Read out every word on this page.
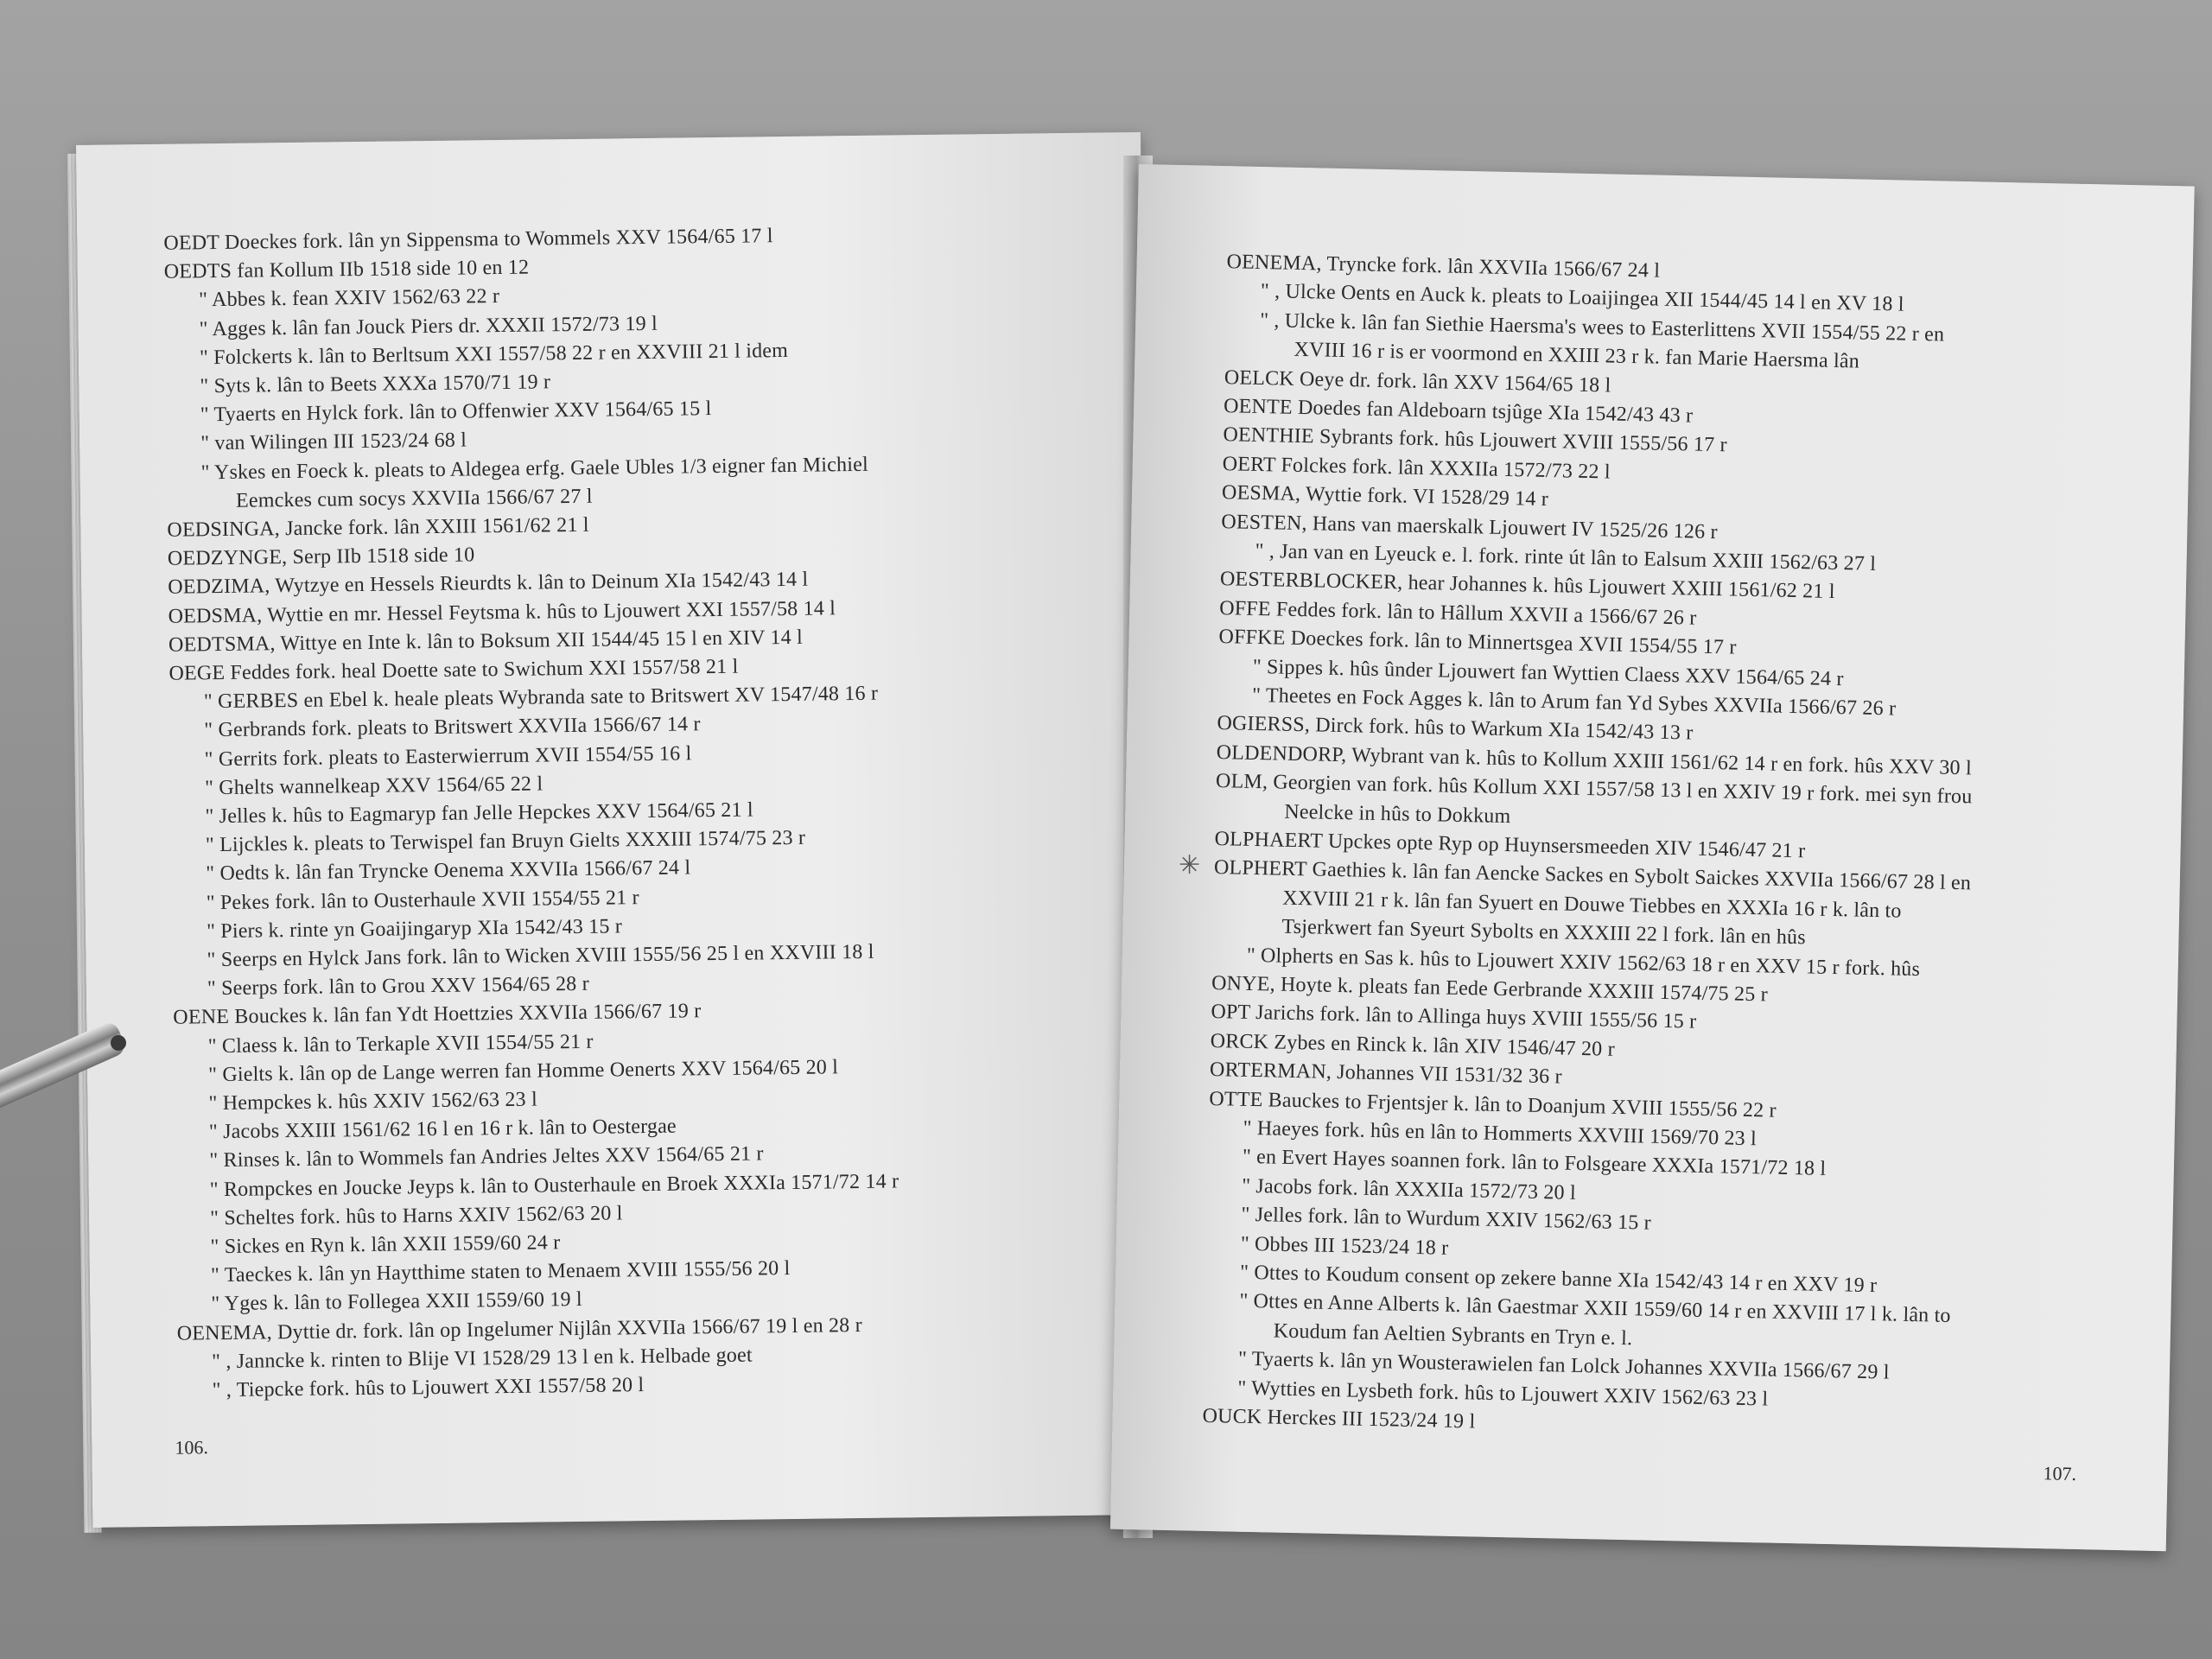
OEDT Doeckes fork. lân yn Sippensma to Wommels XXV 1564/65 17 l
OEDTS fan Kollum IIb 1518 side 10 en 12
" Abbes k. fean XXIV 1562/63 22 r
" Agges k. lân fan Jouck Piers dr. XXXII 1572/73 19 l
" Folckerts k. lân to Berltsum XXI 1557/58 22 r en XXVIII 21 l idem
" Syts k. lân to Beets XXXa 1570/71 19 r
" Tyaerts en Hylck fork. lân to Offenwier XXV 1564/65 15 l
" van Wilingen III 1523/24 68 l
" Yskes en Foeck k. pleats to Aldegea erfg. Gaele Ubles 1/3 eigner fan Michiel
Eemckes cum socys XXVIIa 1566/67 27 l
OEDSINGA, Jancke fork. lân XXIII 1561/62 21 l
OEDZYNGE, Serp IIb 1518 side 10
OEDZIMA, Wytzye en Hessels Rieurdts k. lân to Deinum XIa 1542/43 14 l
OEDSMA, Wyttie en mr. Hessel Feytsma k. hûs to Ljouwert XXI 1557/58 14 l
OEDTSMA, Wittye en Inte k. lân to Boksum XII 1544/45 15 l en XIV 14 l
OEGE Feddes fork. heal Doette sate to Swichum XXI 1557/58 21 l
" GERBES en Ebel k. heale pleats Wybranda sate to Britswert XV 1547/48 16 r
" Gerbrands fork. pleats to Britswert XXVIIa 1566/67 14 r
" Gerrits fork. pleats to Easterwierrum XVII 1554/55 16 l
" Ghelts wannelkeap XXV 1564/65 22 l
" Jelles k. hûs to Eagmaryp fan Jelle Hepckes XXV 1564/65 21 l
" Lijckles k. pleats to Terwispel fan Bruyn Gielts XXXIII 1574/75 23 r
" Oedts k. lân fan Tryncke Oenema XXVIIa 1566/67 24 l
" Pekes fork. lân to Ousterhaule XVII 1554/55 21 r
" Piers k. rinte yn Goaijingaryp XIa 1542/43 15 r
" Seerps en Hylck Jans fork. lân to Wicken XVIII 1555/56 25 l en XXVIII 18 l
" Seerps fork. lân to Grou XXV 1564/65 28 r
OENE Bouckes k. lân fan Ydt Hoettzies XXVIIa 1566/67 19 r
" Claess k. lân to Terkaple XVII 1554/55 21 r
" Gielts k. lân op de Lange werren fan Homme Oenerts XXV 1564/65 20 l
" Hempckes k. hûs XXIV 1562/63 23 l
" Jacobs XXIII 1561/62 16 l en 16 r k. lân to Oestergae
" Rinses k. lân to Wommels fan Andries Jeltes XXV 1564/65 21 r
" Rompckes en Joucke Jeyps k. lân to Ousterhaule en Broek XXXIa 1571/72 14 r
" Scheltes fork. hûs to Harns XXIV 1562/63 20 l
" Sickes en Ryn k. lân XXII 1559/60 24 r
" Taeckes k. lân yn Haytthime staten to Menaem XVIII 1555/56 20 l
" Yges k. lân to Follegea XXII 1559/60 19 l
OENEMA, Dyttie dr. fork. lân op Ingelumer Nijlân XXVIIa 1566/67 19 l en 28 r
" , Janncke k. rinten to Blije VI 1528/29 13 l en k. Helbade goet
" , Tiepcke fork. hûs to Ljouwert XXI 1557/58 20 l
106.
OENEMA, Tryncke fork. lân XXVIIa 1566/67 24 l
" , Ulcke Oents en Auck k. pleats to Loaijingea XII 1544/45 14 l en XV 18 l
" , Ulcke k. lân fan Siethie Haersma's wees to Easterlittens XVII 1554/55 22 r en
XVIII 16 r is er voormond en XXIII 23 r k. fan Marie Haersma lân
OELCK Oeye dr. fork. lân XXV 1564/65 18 l
OENTE Doedes fan Aldeboarn tsjûge XIa 1542/43 43 r
OENTHIE Sybrants fork. hûs Ljouwert XVIII 1555/56 17 r
OERT Folckes fork. lân XXXIIa 1572/73 22 l
OESMA, Wyttie fork. VI 1528/29 14 r
OESTEN, Hans van maerskalk Ljouwert IV 1525/26 126 r
" , Jan van en Lyeuck e. l. fork. rinte út lân to Ealsum XXIII 1562/63 27 l
OESTERBLOCKER, hear Johannes k. hûs Ljouwert XXIII 1561/62 21 l
OFFE Feddes fork. lân to Hâllum XXVII a 1566/67 26 r
OFFKE Doeckes fork. lân to Minnertsgea XVII 1554/55 17 r
" Sippes k. hûs ûnder Ljouwert fan Wyttien Claess XXV 1564/65 24 r
" Theetes en Fock Agges k. lân to Arum fan Yd Sybes XXVIIa 1566/67 26 r
OGIERSS, Dirck fork. hûs to Warkum XIa 1542/43 13 r
OLDENDORP, Wybrant van k. hûs to Kollum XXIII 1561/62 14 r en fork. hûs XXV 30 l
OLM, Georgien van fork. hûs Kollum XXI 1557/58 13 l en XXIV 19 r fork. mei syn frou
Neelcke in hûs to Dokkum
OLPHAERT Upckes opte Ryp op Huynsersmeeden XIV 1546/47 21 r
OLPHERT Gaethies k. lân fan Aencke Sackes en Sybolt Saickes XXVIIa 1566/67 28 l en
XXVIII 21 r k. lân fan Syuert en Douwe Tiebbes en XXXIa 16 r k. lân to
Tsjerkwert fan Syeurt Sybolts en XXXIII 22 l fork. lân en hûs
" Olpherts en Sas k. hûs to Ljouwert XXIV 1562/63 18 r en XXV 15 r fork. hûs
ONYE, Hoyte k. pleats fan Eede Gerbrande XXXIII 1574/75 25 r
OPT Jarichs fork. lân to Allinga huys XVIII 1555/56 15 r
ORCK Zybes en Rinck k. lân XIV 1546/47 20 r
ORTERMAN, Johannes VII 1531/32 36 r
OTTE Bauckes to Frjentsjer k. lân to Doanjum XVIII 1555/56 22 r
" Haeyes fork. hûs en lân to Hommerts XXVIII 1569/70 23 l
" en Evert Hayes soannen fork. lân to Folsgeare XXXIa 1571/72 18 l
" Jacobs fork. lân XXXIIa 1572/73 20 l
" Jelles fork. lân to Wurdum XXIV 1562/63 15 r
" Obbes III 1523/24 18 r
" Ottes to Koudum consent op zekere banne XIa 1542/43 14 r en XXV 19 r
" Ottes en Anne Alberts k. lân Gaestmar XXII 1559/60 14 r en XXVIII 17 l k. lân to
Koudum fan Aeltien Sybrants en Tryn e. l.
" Tyaerts k. lân yn Wousterawielen fan Lolck Johannes XXVIIa 1566/67 29 l
" Wytties en Lysbeth fork. hûs to Ljouwert XXIV 1562/63 23 l
OUCK Herckes III 1523/24 19 l
107.
✳
